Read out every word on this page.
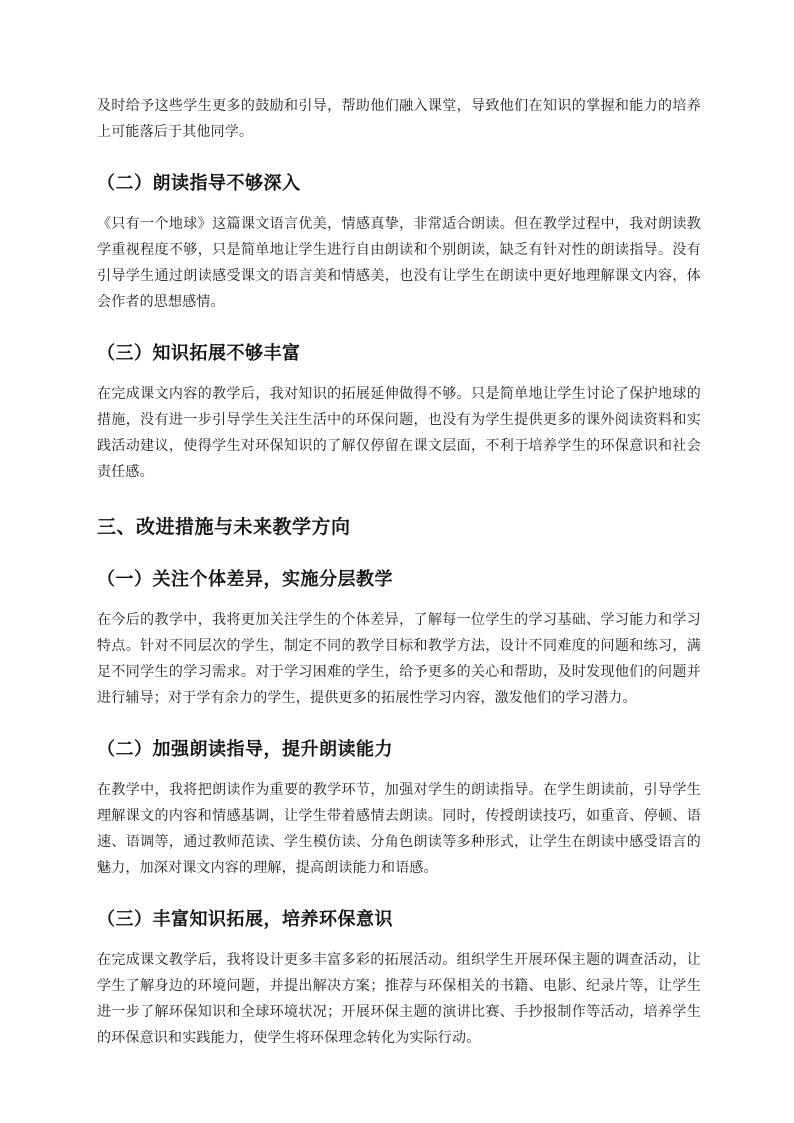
及时给予这些学生更多的鼓励和引导，帮助他们融入课堂，导致他们在知识的掌握和能力的培养上可能落后于其他同学。

（二）朗读指导不够深入

《只有一个地球》这篇课文语言优美，情感真挚，非常适合朗读。但在教学过程中，我对朗读教学重视程度不够，只是简单地让学生进行自由朗读和个别朗读，缺乏有针对性的朗读指导。没有引导学生通过朗读感受课文的语言美和情感美，也没有让学生在朗读中更好地理解课文内容，体会作者的思想感情。

（三）知识拓展不够丰富

在完成课文内容的教学后，我对知识的拓展延伸做得不够。只是简单地让学生讨论了保护地球的措施，没有进一步引导学生关注生活中的环保问题，也没有为学生提供更多的课外阅读资料和实践活动建议，使得学生对环保知识的了解仅停留在课文层面，不利于培养学生的环保意识和社会责任感。

三、改进措施与未来教学方向
（一）关注个体差异，实施分层教学

在今后的教学中，我将更加关注学生的个体差异，了解每一位学生的学习基础、学习能力和学习特点。针对不同层次的学生，制定不同的教学目标和教学方法，设计不同难度的问题和练习，满足不同学生的学习需求。对于学习困难的学生，给予更多的关心和帮助，及时发现他们的问题并进行辅导；对于学有余力的学生，提供更多的拓展性学习内容，激发他们的学习潜力。

（二）加强朗读指导，提升朗读能力

在教学中，我将把朗读作为重要的教学环节，加强对学生的朗读指导。在学生朗读前，引导学生理解课文的内容和情感基调，让学生带着感情去朗读。同时，传授朗读技巧，如重音、停顿、语速、语调等，通过教师范读、学生模仿读、分角色朗读等多种形式，让学生在朗读中感受语言的魅力，加深对课文内容的理解，提高朗读能力和语感。

（三）丰富知识拓展，培养环保意识

在完成课文教学后，我将设计更多丰富多彩的拓展活动。组织学生开展环保主题的调查活动，让学生了解身边的环境问题，并提出解决方案；推荐与环保相关的书籍、电影、纪录片等，让学生进一步了解环保知识和全球环境状况；开展环保主题的演讲比赛、手抄报制作等活动，培养学生的环保意识和实践能力，使学生将环保理念转化为实际行动。
